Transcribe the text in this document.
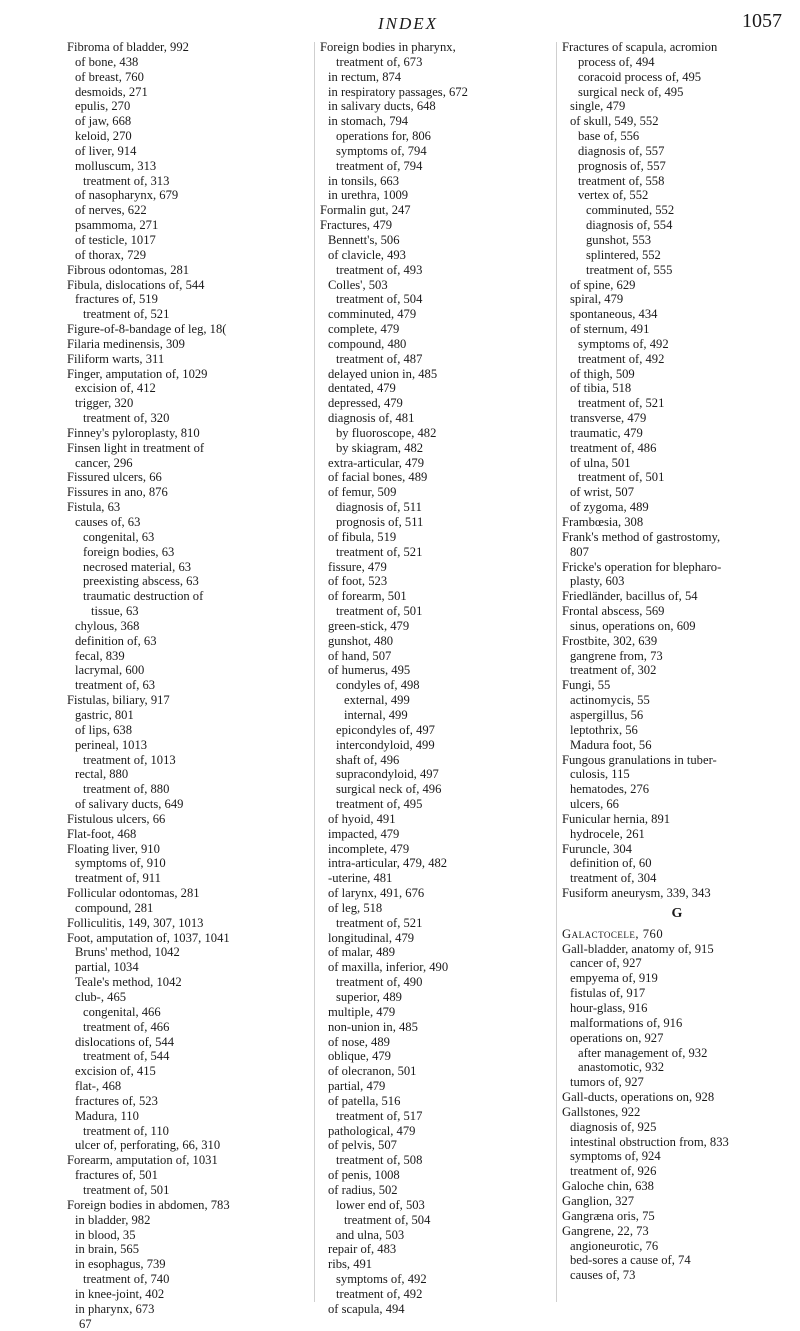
INDEX	1057
Fibroma of bladder, 992
of bone, 438
of breast, 760
desmoids, 271
epulis, 270
of jaw, 668
keloid, 270
of liver, 914
molluscum, 313
treatment of, 313
of nasopharynx, 679
of nerves, 622
psammoma, 271
of testicle, 1017
of thorax, 729
Fibrous odontomas, 281
Fibula, dislocations of, 544
fractures of, 519
treatment of, 521
Figure-of-8-bandage of leg, 18(
Filaria medinensis, 309
Filiform warts, 311
Finger, amputation of, 1029
excision of, 412
trigger, 320
treatment of, 320
Finney's pyloroplasty, 810
Finsen light in treatment of
cancer, 296
Fissured ulcers, 66
Fissures in ano, 876
Fistula, 63
causes of, 63
congenital, 63
foreign bodies, 63
necrosed material, 63
preexisting abscess, 63
traumatic destruction of
tissue, 63
chylous, 368
definition of, 63
fecal, 839
lacrymal, 600
treatment of, 63
Fistulas, biliary, 917
gastric, 801
of lips, 638
perineal, 1013
treatment of, 1013
rectal, 880
treatment of, 880
of salivary ducts, 649
Fistulous ulcers, 66
Flat-foot, 468
Floating liver, 910
symptoms of, 910
treatment of, 911
Follicular odontomas, 281
compound, 281
Folliculitis, 149, 307, 1013
Foot, amputation of, 1037, 1041
Bruns' method, 1042
partial, 1034
Teale's method, 1042
club-, 465
congenital, 466
treatment of, 466
dislocations of, 544
treatment of, 544
excision of, 415
flat-, 468
fractures of, 523
Madura, 110
treatment of, 110
ulcer of, perforating, 66, 310
Forearm, amputation of, 1031
fractures of, 501
treatment of, 501
Foreign bodies in abdomen, 783
in bladder, 982
in blood, 35
in brain, 565
in esophagus, 739
treatment of, 740
in knee-joint, 402
in pharynx, 673
67
Foreign bodies in pharynx,
treatment of, 673
in rectum, 874
in respiratory passages, 672
in salivary ducts, 648
in stomach, 794
operations for, 806
symptoms of, 794
treatment of, 794
in tonsils, 663
in urethra, 1009
Formalin gut, 247
Fractures, 479
Bennett's, 506
of clavicle, 493
treatment of, 493
Colles', 503
treatment of, 504
comminuted, 479
complete, 479
compound, 480
treatment of, 487
delayed union in, 485
dentated, 479
depressed, 479
diagnosis of, 481
by fluoroscope, 482
by skiagram, 482
extra-articular, 479
of facial bones, 489
of femur, 509
diagnosis of, 511
prognosis of, 511
of fibula, 519
treatment of, 521
fissure, 479
of foot, 523
of forearm, 501
treatment of, 501
green-stick, 479
gunshot, 480
of hand, 507
of humerus, 495
condyles of, 498
external, 499
internal, 499
epicondyles of, 497
intercondyloid, 499
shaft of, 496
supracondyloid, 497
surgical neck of, 496
treatment of, 495
of hyoid, 491
impacted, 479
incomplete, 479
intra-articular, 479, 482
-uterine, 481
of larynx, 491, 676
of leg, 518
treatment of, 521
longitudinal, 479
of malar, 489
of maxilla, inferior, 490
treatment of, 490
superior, 489
multiple, 479
non-union in, 485
of nose, 489
oblique, 479
of olecranon, 501
partial, 479
of patella, 516
treatment of, 517
pathological, 479
of pelvis, 507
treatment of, 508
of penis, 1008
of radius, 502
lower end of, 503
treatment of, 504
and ulna, 503
repair of, 483
ribs, 491
symptoms of, 492
treatment of, 492
of scapula, 494
Fractures of scapula, acromion
process of, 494
coracoid process of, 495
surgical neck of, 495
single, 479
of skull, 549, 552
base of, 556
diagnosis of, 557
prognosis of, 557
treatment of, 558
vertex of, 552
comminuted, 552
diagnosis of, 554
gunshot, 553
splintered, 552
treatment of, 555
of spine, 629
spiral, 479
spontaneous, 434
of sternum, 491
symptoms of, 492
treatment of, 492
of thigh, 509
of tibia, 518
treatment of, 521
transverse, 479
traumatic, 479
treatment of, 486
of ulna, 501
treatment of, 501
of wrist, 507
of zygoma, 489
Frambœsia, 308
Frank's method of gastrostomy,
807
Fricke's operation for blepharo-
plasty, 603
Friedländer, bacillus of, 54
Frontal abscess, 569
sinus, operations on, 609
Frostbite, 302, 639
gangrene from, 73
treatment of, 302
Fungi, 55
actinomycis, 55
aspergillus, 56
leptothrix, 56
Madura foot, 56
Fungous granulations in tuber-
culosis, 115
hematodes, 276
ulcers, 66
Funicular hernia, 891
hydrocele, 261
Furuncle, 304
definition of, 60
treatment of, 304
Fusiform aneurysm, 339, 343
G
Galactocele, 760
Gall-bladder, anatomy of, 915
cancer of, 927
empyema of, 919
fistulas of, 917
hour-glass, 916
malformations of, 916
operations on, 927
after management of, 932
anastomotic, 932
tumors of, 927
Gall-ducts, operations on, 928
Gallstones, 922
diagnosis of, 925
intestinal obstruction from, 833
symptoms of, 924
treatment of, 926
Galoche chin, 638
Ganglion, 327
Gangræna oris, 75
Gangrene, 22, 73
angioneurotic, 76
bed-sores a cause of, 74
causes of, 73
